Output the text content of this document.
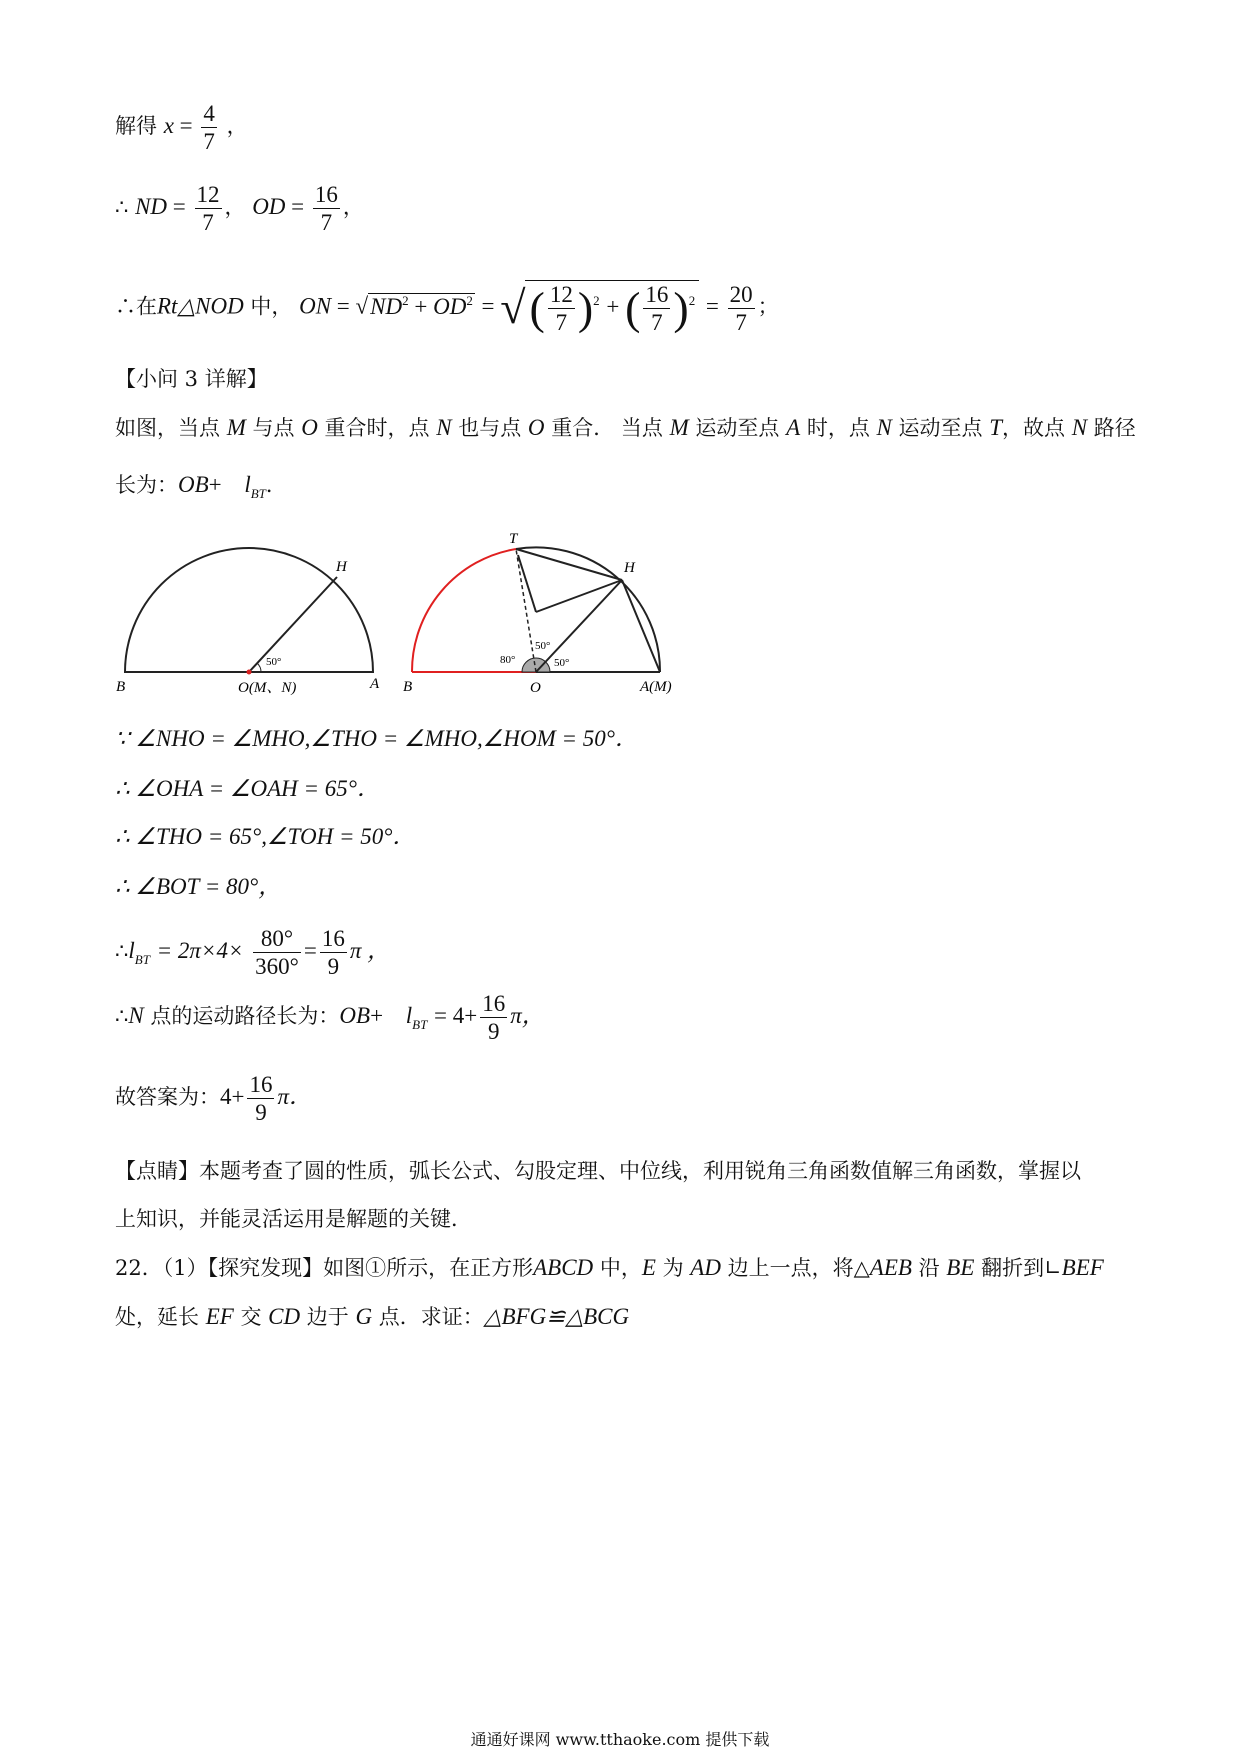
解得 $x = \frac{4}{7}$ ，
∴ ND = $\frac{12}{7}$ ， OD = $\frac{16}{7}$ ，
∴在Rt△NOD 中， ON = $√ND^2 + OD^2$ = √( $\frac{12}{7} )^2$ + ( $\frac{16}{7} )^2 = \frac{20}{7}$ ；
【小问 3 详解】
如图，当点 M 与点 O 重合时，点 N 也与点 O 重合． 当点 M 运动至点 A 时，点 N 运动至点 T，故点 N 路径
长为：$OB+ l_{BT}$．
B	O(M、N)	A
H
50°
T
H
B	O	A(M)
80°
50°
50°
∵ ∠NHO = ∠MHO,∠THO = ∠MHO,∠HOM = 50°．
∴ ∠OHA = ∠OAH = 65°．
∴ ∠THO = 65°,∠TOH = 50°．
∴ ∠BOT = 80°，
$\therefore l_{BT} = 2\pi\times 4\times \frac{80^\circ}{360^\circ} = \frac{16}{9}$ π ，
∴N 点的运动路径长为：$OB+ l_{BT} = 4+ \frac{16}{9}$ π，
故答案为：$4+ \frac{16}{9}$ π．
【点睛】本题考查了圆的性质，弧长公式、勾股定理、中位线，利用锐角三角函数值解三角函数，掌握以
上知识，并能灵活运用是解题的关键．
22．（1）【探究发现】如图①所示，在正方形ABCD 中，E 为 AD 边上一点，将△AEB 沿 BE 翻折到∟BEF
处，延长 EF 交 CD 边于 G 点．求证：△BFG≌△BCG
通通好课网 www.tthaoke.com 提供下载
